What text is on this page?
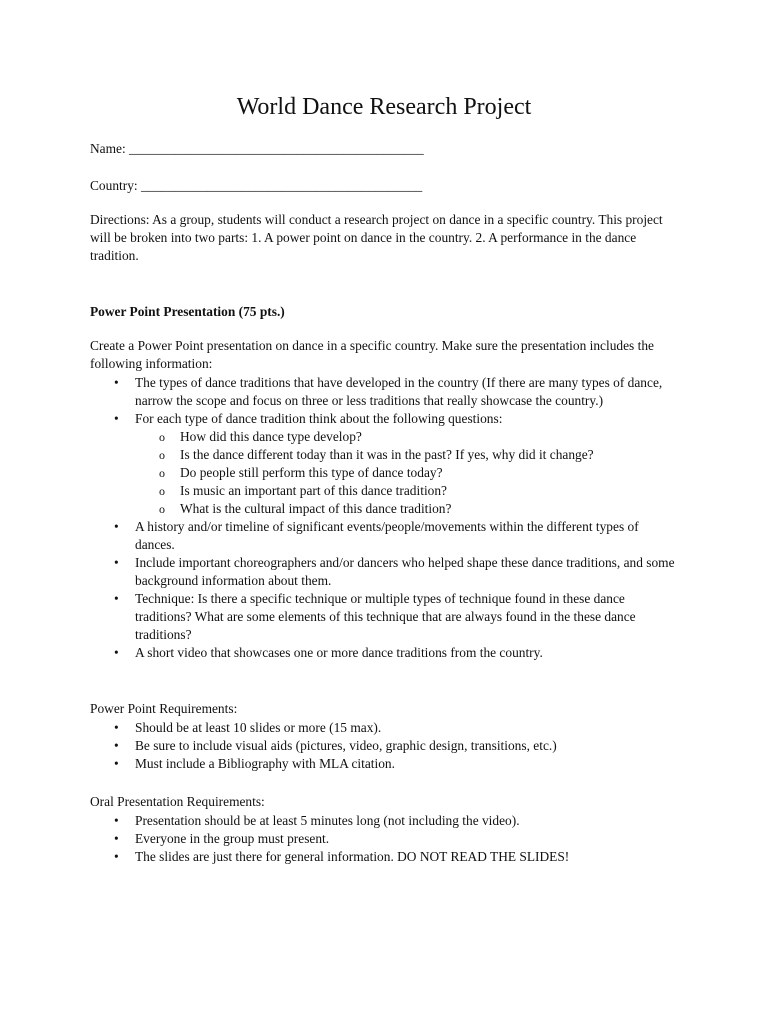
World Dance Research Project

Name: ____________________________________________

Country: __________________________________________

Directions: As a group, students will conduct a research project on dance in a specific country. This project will be broken into two parts: 1. A power point on dance in the country. 2. A performance in the dance tradition.

Power Point Presentation (75 pts.)

Create a Power Point presentation on dance in a specific country. Make sure the presentation includes the following information:

• The types of dance traditions that have developed in the country (If there are many types of dance, narrow the scope and focus on three or less traditions that really showcase the country.)
• For each type of dance tradition think about the following questions:
o How did this dance type develop?
o Is the dance different today than it was in the past? If yes, why did it change?
o Do people still perform this type of dance today?
o Is music an important part of this dance tradition?
o What is the cultural impact of this dance tradition?
• A history and/or timeline of significant events/people/movements within the different types of dances.
• Include important choreographers and/or dancers who helped shape these dance traditions, and some background information about them.
• Technique: Is there a specific technique or multiple types of technique found in these dance traditions? What are some elements of this technique that are always found in the these dance traditions?
• A short video that showcases one or more dance traditions from the country.

Power Point Requirements:

• Should be at least 10 slides or more (15 max).
• Be sure to include visual aids (pictures, video, graphic design, transitions, etc.)
• Must include a Bibliography with MLA citation.

Oral Presentation Requirements:

• Presentation should be at least 5 minutes long (not including the video).
• Everyone in the group must present.
• The slides are just there for general information. DO NOT READ THE SLIDES!
